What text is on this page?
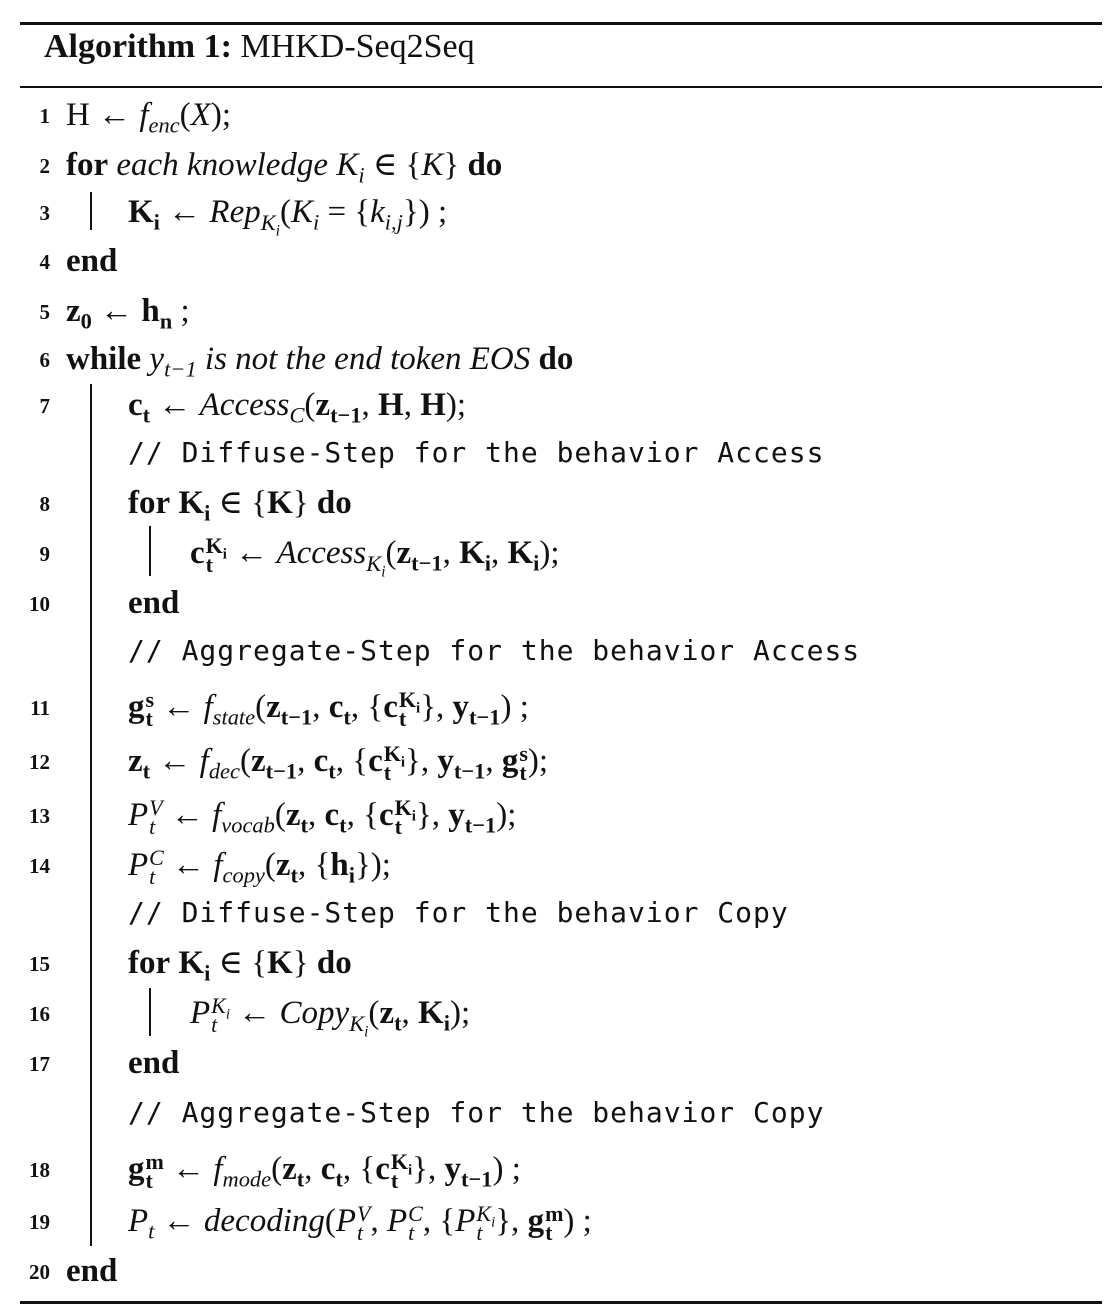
Algorithm 1: MHKD-Seq2Seq
1 H ← $f_{enc}(X)$;
2 for each knowledge $K_i$ ∈ {K} do
3 $K_i$ ← $Rep_{K_i}(K_i = \{k_{i,j}\})$ ;
4 end
5 $z_0$ ← $h_n$ ;
6 while $y_{t-1}$ is not the end token EOS do
7 $c_t$ ← $Access_C(z_{t-1}$, H, H);
// Diffuse-Step for the behavior Access
8 for $K_i$ ∈ {K} do
9	c $K_i$
t ← $Access_{K_i}(z_{t-1}$, $K_i$, $K_i$);
10 end
// Aggregate-Step for the behavior Access
11 g s
t ← $f_{state}(z_{t-1}$, $c_t$, {c $K_i$
t }, $y_{t-1}$) ;
12 $z_t$ ← $f_{dec}(z_{t-1}$, $c_t$, {c $K_i$
t }, $y_{t-1}$, g s
t );
13 P V
t ← $f_{vocab}(z_t$, $c_t$, {c $K_i$
t }, $y_{t-1}$);
14 P C
t ← $f_{copy}(z_t$, $\{h_i\}$);
// Diffuse-Step for the behavior Copy
15 for $K_i$ ∈ {K} do
16	P $K_i$
t ← $Copy_{K_i}(z_t$, $K_i$);
17 end
// Aggregate-Step for the behavior Copy
18 g m
t ← $f_{mode}(z_t$, $c_t$, {c $K_i$
t }, $y_{t-1}$) ;
19 $P_t$ ← decoding(P V
t , P C
t , {P $K_i$
t }, g m
t ) ;
20 end
